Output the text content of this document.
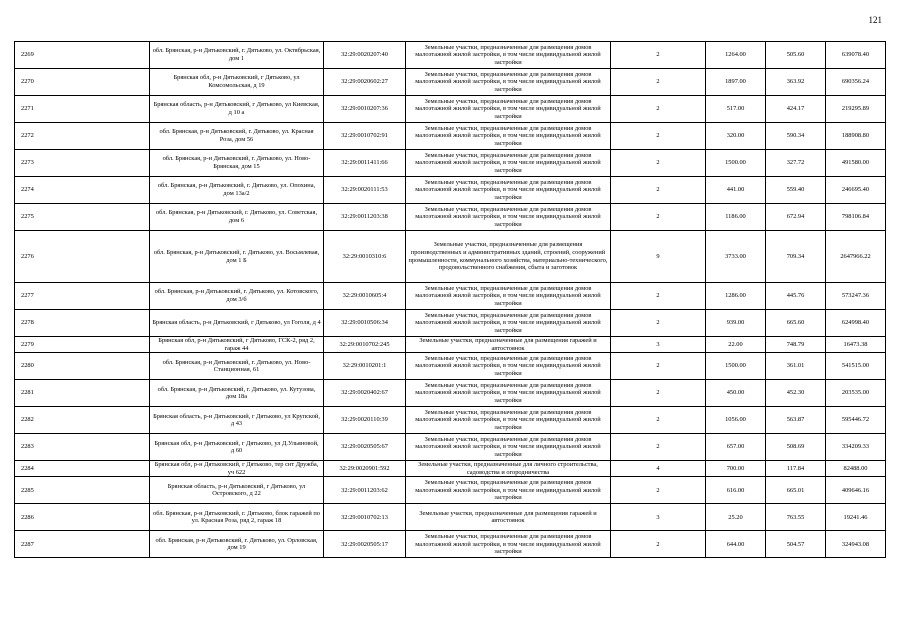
121
2269	обл. Брянская, р-н Дятьковский, г. Дятьково, ул. Октябрьская, дом 1	32:29:0020207:40	Земельные участки, предназначенные для размещения домов малоэтажной жилой застройки, в том числе индивидуальной жилой застройки	2	1264.00	505.60	639078.40
2270	Брянская обл, р-н Дятьковский, г Дятьково, ул Комсомольская, д 19	32:29:0020602:27	Земельные участки, предназначенные для размещения домов малоэтажной жилой застройки, в том числе индивидуальной жилой застройки	2	1897.00	363.92	690356.24
2271	Брянская область, р-н Дятьковский, г Дятьково, ул Киевская, д 10 а	32:29:0010207:36	Земельные участки, предназначенные для размещения домов малоэтажной жилой застройки, в том числе индивидуальной жилой застройки	2	517.00	424.17	219295.89
2272	обл. Брянская, р-н Дятьковский, г. Дятьково, ул. Красная Роза, дом 56	32:29:0010702:91	Земельные участки, предназначенные для размещения домов малоэтажной жилой застройки, в том числе индивидуальной жилой застройки	2	320.00	590.34	188908.80
2273	обл. Брянская, р-н Дятьковский, г. Дятьково, ул. Ново-Брянская, дом 15	32:29:0011411:66	Земельные участки, предназначенные для размещения домов малоэтажной жилой застройки, в том числе индивидуальной жилой застройки	2	1500.00	327.72	491580.00
2274	обл. Брянская, р-н Дятьковский, г. Дятьково, ул. Опохина, дом 13а/2	32:29:0020111:53	Земельные участки, предназначенные для размещения домов малоэтажной жилой застройки, в том числе индивидуальной жилой застройки	2	441.00	559.40	246695.40
2275	обл. Брянская, р-н Дятьковский, г. Дятьково, ул. Советская, дом 6	32:29:0011203:38	Земельные участки, предназначенные для размещения домов малоэтажной жилой застройки, в том числе индивидуальной жилой застройки	2	1186.00	672.94	798106.84
2276	обл. Брянская, р-н Дятьковский, г. Дятьково, ул. Восьмлевая, дом 1 Б	32:29:0010310:6	Земельные участки, предназначенные для размещения производственных и административных зданий, строений, сооружений промышленности, коммунального хозяйства, материально-технического, продовольственного снабжения, сбыта и заготовок	9	3733.00	709.34	2647966.22
2277	обл. Брянская, р-н Дятьковский, г. Дятьково, ул. Котовского, дом 3/б	32:29:0010605:4	Земельные участки, предназначенные для размещения домов малоэтажной жилой застройки, в том числе индивидуальной жилой застройки	2	1286.00	445.76	573247.36
2278	Брянская область, р-н Дятьковский, г Дятьково, ул Гоголя, д 4	32:29:0010506:34	Земельные участки, предназначенные для размещения домов малоэтажной жилой застройки, в том числе индивидуальной жилой застройки	2	939.00	665.60	624998.40
2279	Брянская обл, р-н Дятьковский, г Дятьково, ГСК-2, ряд 2, гараж 44	32:29:0010702:245	Земельные участки, предназначенные для размещения гаражей и автостоянок	3	22.00	748.79	16473.38
2280	обл. Брянская, р-н Дятьковский, г. Дятьково, ул. Ново-Станционная, 61	32:29:0010201:1	Земельные участки, предназначенные для размещения домов малоэтажной жилой застройки, в том числе индивидуальной жилой застройки	2	1500.00	361.01	541515.00
2281	обл. Брянская, р-н Дятьковский, г. Дятьково, ул. Кутузова, дом 18а	32:29:0020402:67	Земельные участки, предназначенные для размещения домов малоэтажной жилой застройки, в том числе индивидуальной жилой застройки	2	450.00	452.30	203535.00
2282	Брянская область, р-н Дятьковский, г Дятьково, ул Крупской, д 43	32:29:0020110:39	Земельные участки, предназначенные для размещения домов малоэтажной жилой застройки, в том числе индивидуальной жилой застройки	2	1056.00	563.87	595446.72
2283	Брянская обл, р-н Дятьковский, г Дятьково, ул Д.Ульяновой, д 60	32:29:0020505:67	Земельные участки, предназначенные для размещения домов малоэтажной жилой застройки, в том числе индивидуальной жилой застройки	2	657.00	508.69	334209.33
2284	Брянская обл, р-н Дятьковский, г Дятьково, тер снт Дружба, уч 622	32:29:0020901:592	Земельные участки, предназначенные для личного строительства, садоводства и огородничества	4	700.00	117.84	82488.00
2285	Брянская область, р-н Дятьковский, г Дятьково, ул Островского, д 22	32:29:0011203:62	Земельные участки, предназначенные для размещения домов малоэтажной жилой застройки, в том числе индивидуальной жилой застройки	2	616.00	665.01	409646.16
2286	обл. Брянская, р-н Дятьковский, г. Дятьково, блок гаражей по ул. Красная Роза, ряд 2, гараж 18	32:29:0010702:13	Земельные участки, предназначенные для размещения гаражей и автостоянок	3	25.20	763.55	19241.46
2287	обл. Брянская, р-н Дятьковский, г. Дятьково, ул. Орловская, дом 19	32:29:0020505:17	Земельные участки, предназначенные для размещения домов малоэтажной жилой застройки, в том числе индивидуальной жилой застройки	2	644.00	504.57	324943.08
